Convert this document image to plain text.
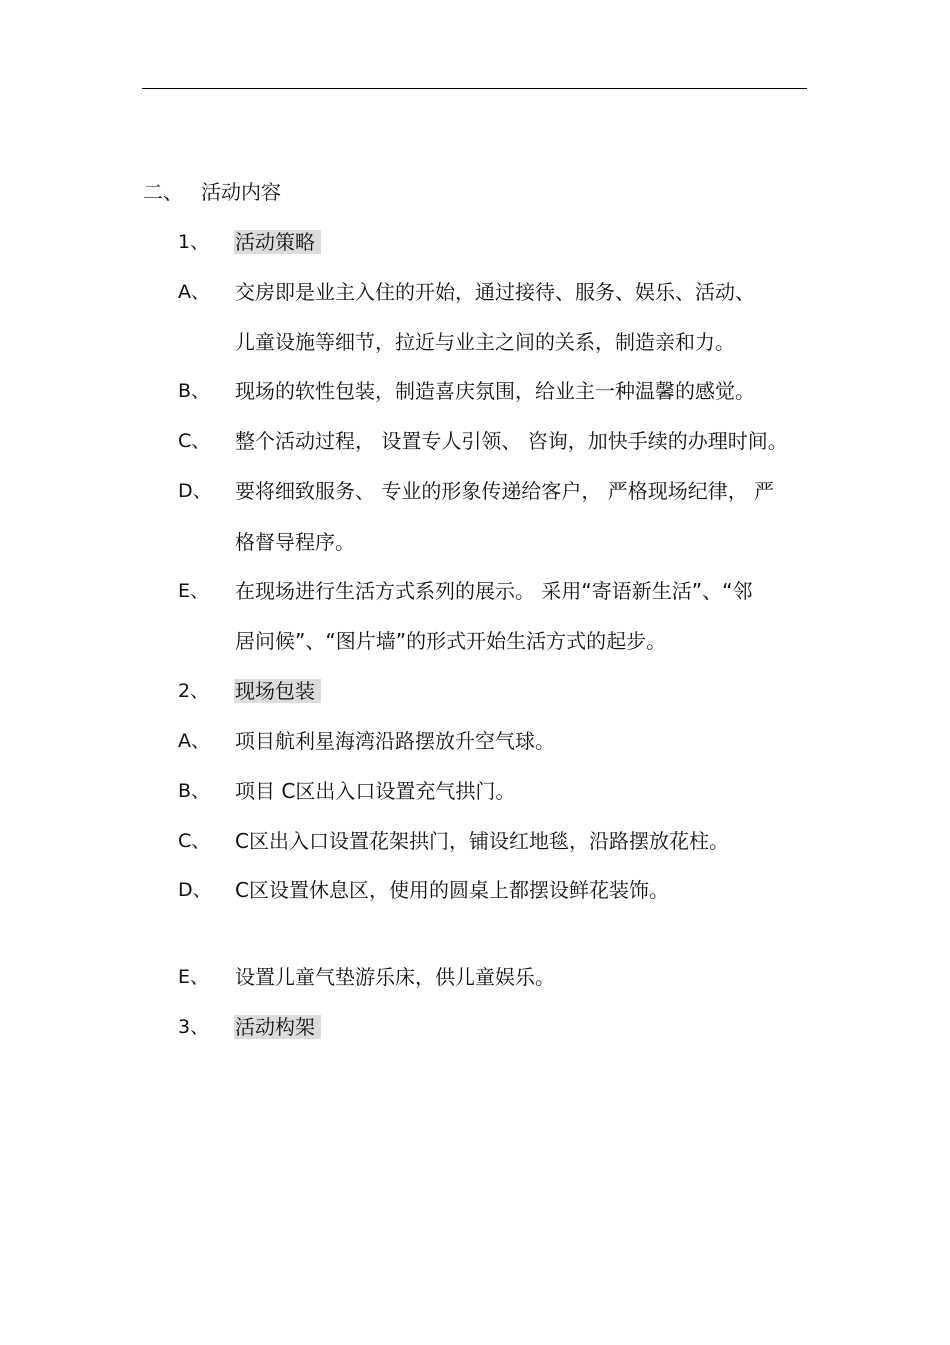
二、 活动内容
1、 活动策略
A、 交房即是业主入住的开始，通过接待、服务、娱乐、活动、
儿童设施等细节，拉近与业主之间的关系，制造亲和力。
B、 现场的软性包装，制造喜庆氛围，给业主一种温馨的感觉。
C、 整个活动过程， 设置专人引领、 咨询，加快手续的办理时间。
D、 要将细致服务、 专业的形象传递给客户， 严格现场纪律， 严
格督导程序。
E、 在现场进行生活方式系列的展示。 采用“寄语新生活”、“邻
居问候”、“图片墙”的形式开始生活方式的起步。
2、 现场包装
A、 项目航利星海湾沿路摆放升空气球。
B、 项目 C区出入口设置充气拱门。
C、 C区出入口设置花架拱门，铺设红地毯，沿路摆放花柱。
D、 C区设置休息区，使用的圆桌上都摆设鲜花装饰。
E、 设置儿童气垫游乐床，供儿童娱乐。
3、 活动构架
